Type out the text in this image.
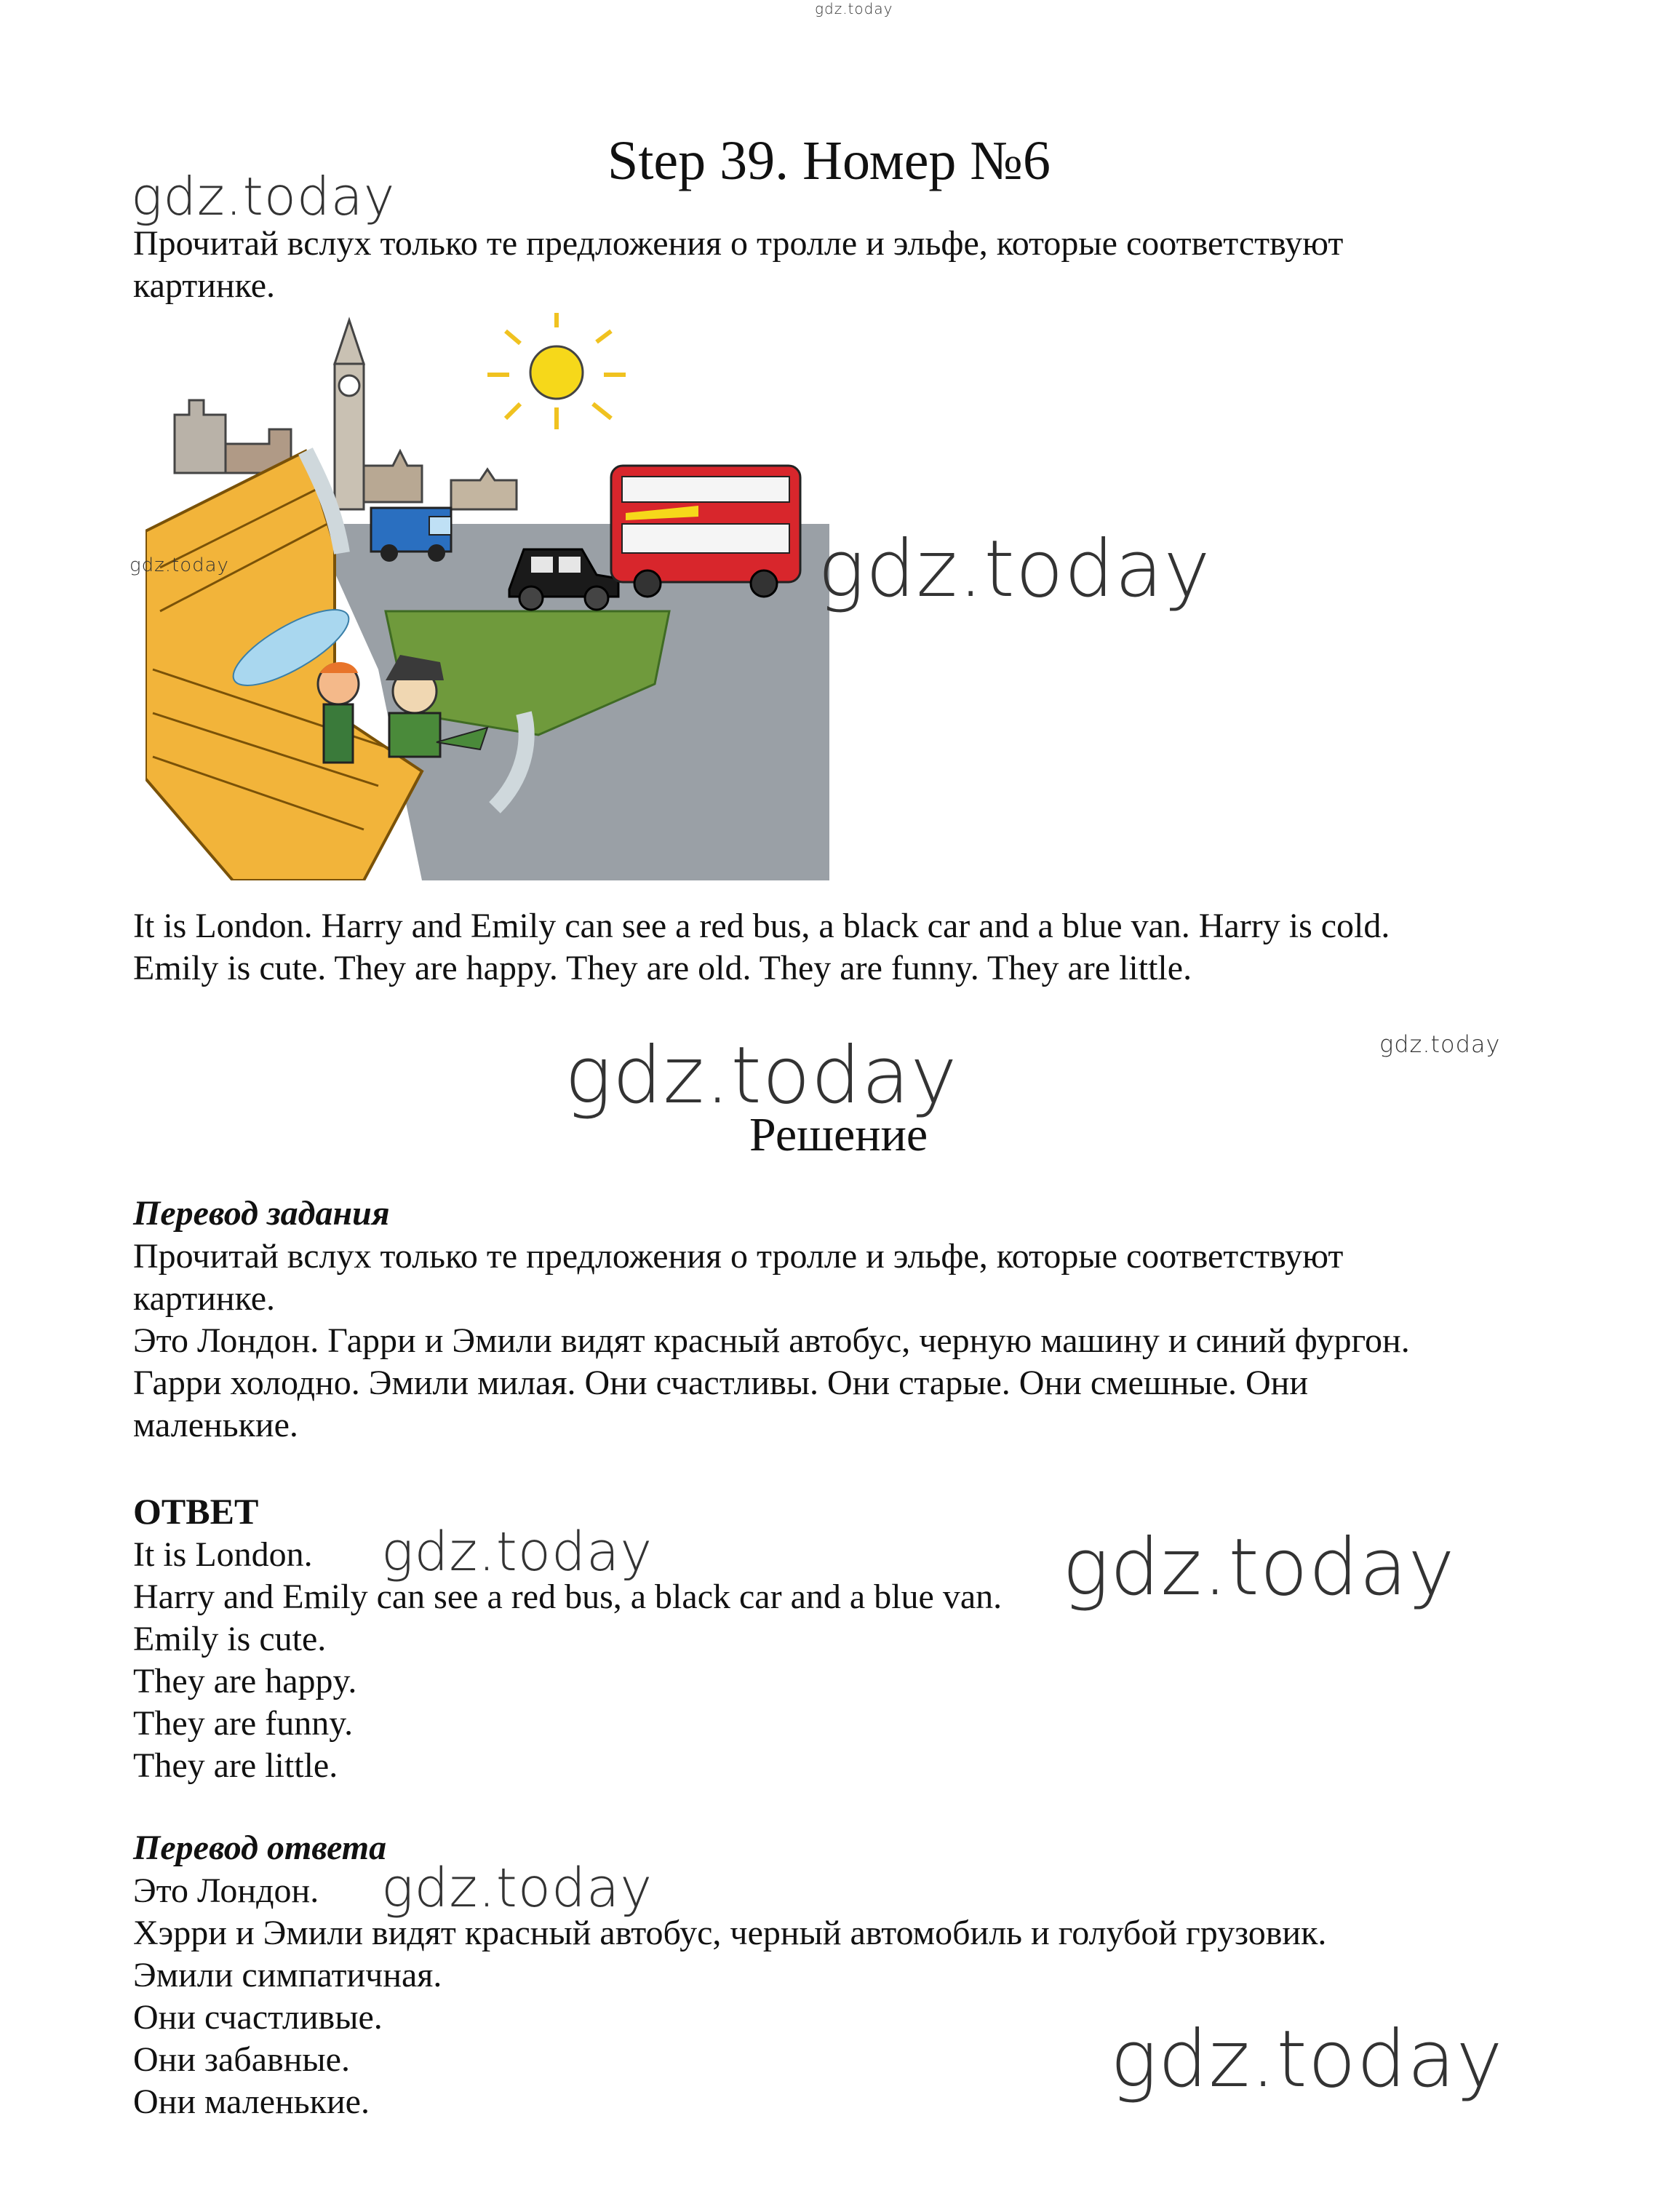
gdz.today
gdz.today
Step 39. Номер №6
Прочитай вслух только те предложения о тролле и эльфе, которые соответствуют
картинке.
gdz.today	gdz.today
It is London. Harry and Emily can see a red bus, a black car and a blue van. Harry is cold.
Emily is cute. They are happy. They are old. They are funny. They are little.
gdz.today
gdz.today
Решение
Перевод задания
Прочитай вслух только те предложения о тролле и эльфе, которые соответствуют
картинке.
Это Лондон. Гарри и Эмили видят красный автобус, черную машину и синий фургон.
Гарри холодно. Эмили милая. Они счастливы. Они старые. Они смешные. Они
маленькие.
ОТВЕТ
It is London.
Harry and Emily can see a red bus, a black car and a blue van.
Emily is cute.
They are happy.
They are funny.
They are little.
gdz.today	gdz.today
Перевод ответа
Это Лондон.
Хэрри и Эмили видят красный автобус, черный автомобиль и голубой грузовик.
Эмили симпатичная.
Они счастливые.
Они забавные.
Они маленькие.
gdz.today
gdz.today
